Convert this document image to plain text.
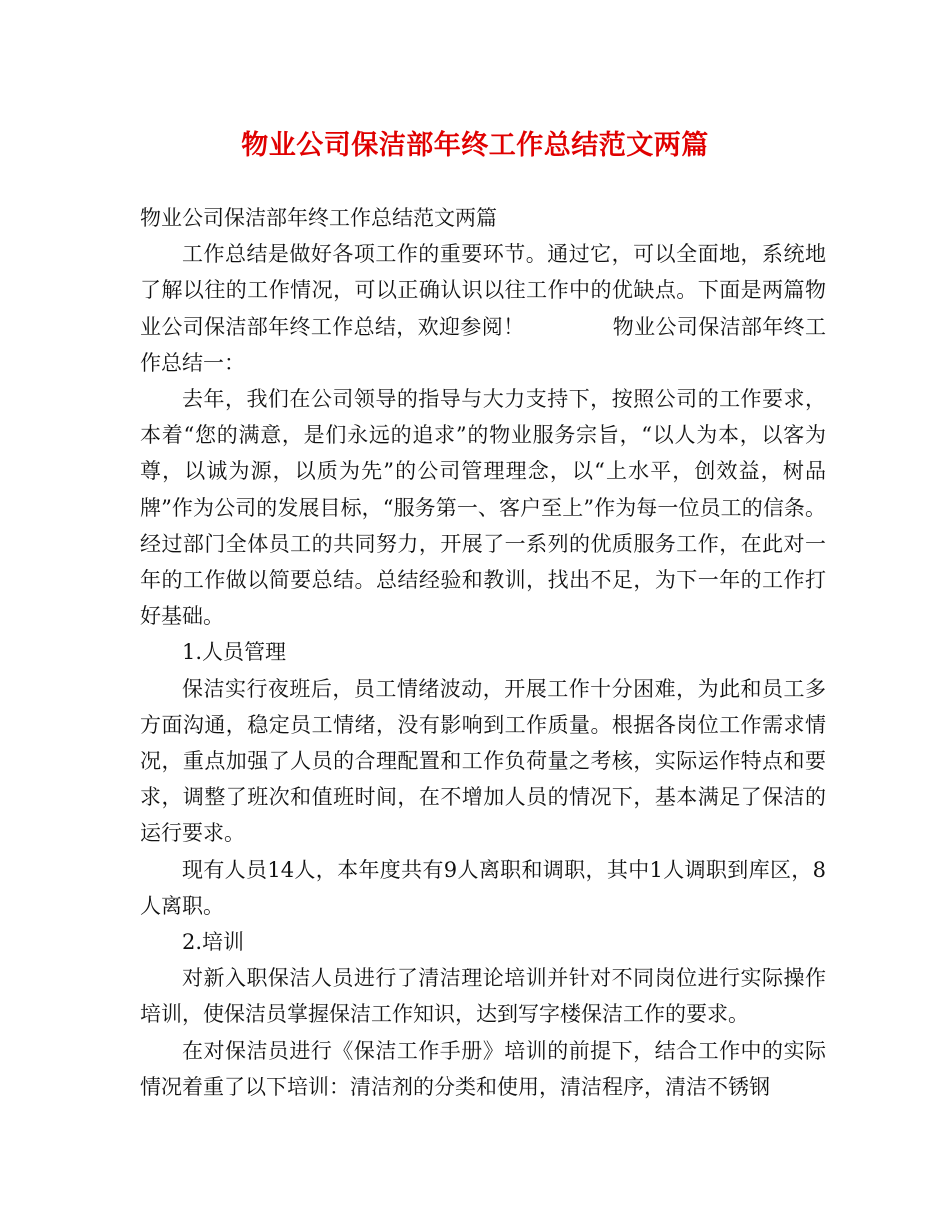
物业公司保洁部年终工作总结范文两篇

物业公司保洁部年终工作总结范文两篇

工作总结是做好各项工作的重要环节。通过它，可以全面地，系统地了解以往的工作情况，可以正确认识以往工作中的优缺点。下面是两篇物业公司保洁部年终工作总结，欢迎参阅！	物业公司保洁部年终工作总结一：

去年，我们在公司领导的指导与大力支持下，按照公司的工作要求，本着“您的满意，是们永远的追求”的物业服务宗旨，“以人为本，以客为尊，以诚为源，以质为先”的公司管理理念，以“上水平，创效益，树品牌”作为公司的发展目标，“服务第一、客户至上”作为每一位员工的信条。经过部门全体员工的共同努力，开展了一系列的优质服务工作，在此对一年的工作做以简要总结。总结经验和教训，找出不足，为下一年的工作打好基础。

1.人员管理

保洁实行夜班后，员工情绪波动，开展工作十分困难，为此和员工多方面沟通，稳定员工情绪，没有影响到工作质量。根据各岗位工作需求情况，重点加强了人员的合理配置和工作负荷量之考核，实际运作特点和要求，调整了班次和值班时间，在不增加人员的情况下，基本满足了保洁的运行要求。

现有人员14人，本年度共有9人离职和调职，其中1人调职到库区，8人离职。

2.培训

对新入职保洁人员进行了清洁理论培训并针对不同岗位进行实际操作培训，使保洁员掌握保洁工作知识，达到写字楼保洁工作的要求。

在对保洁员进行《保洁工作手册》培训的前提下，结合工作中的实际情况着重了以下培训：清洁剂的分类和使用，清洁程序，清洁不锈钢
